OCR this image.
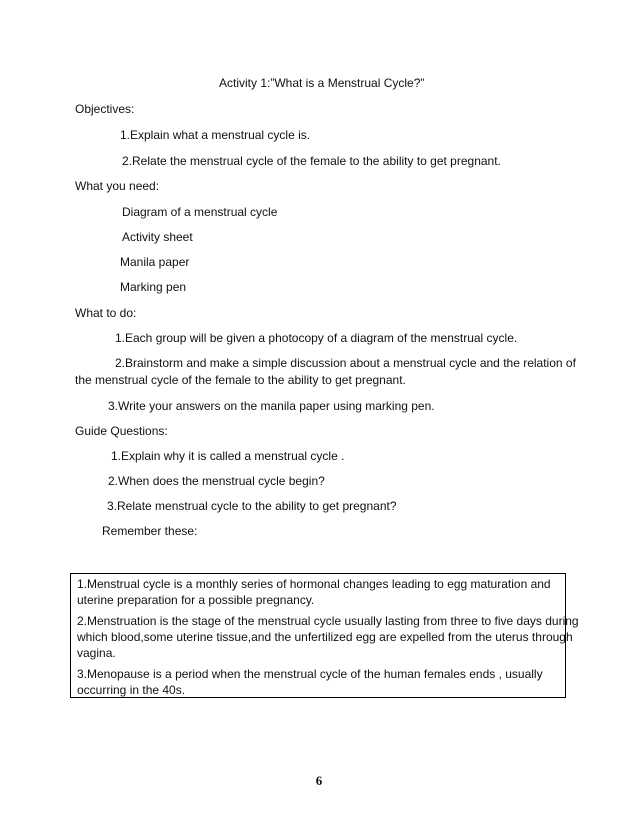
Activity 1:”What is a Menstrual Cycle?”
Objectives:
1.Explain what a menstrual cycle is.
2.Relate the menstrual cycle of the female to the ability to get pregnant.
What you need:
Diagram of a menstrual cycle
Activity sheet
Manila paper
Marking pen
What to do:
1.Each group will be given a photocopy of a diagram of the menstrual cycle.
2.Brainstorm and make a simple discussion about a menstrual cycle and the relation of
the menstrual cycle of the female to the ability to get pregnant.
3.Write your answers on the manila paper using marking pen.
Guide Questions:
1.Explain why it is called a menstrual cycle .
2.When does the menstrual cycle begin?
3.Relate menstrual cycle to the ability to get pregnant?
Remember these:
1.Menstrual cycle is a monthly series of hormonal changes leading to egg maturation and
uterine preparation for a possible pregnancy.
2.Menstruation is the stage of the menstrual cycle usually lasting from three to five days during
which blood,some uterine tissue,and the unfertilized egg are expelled from the uterus through
vagina.
3.Menopause is a period when the menstrual cycle of the human females ends , usually
occurring in the 40s.
6
